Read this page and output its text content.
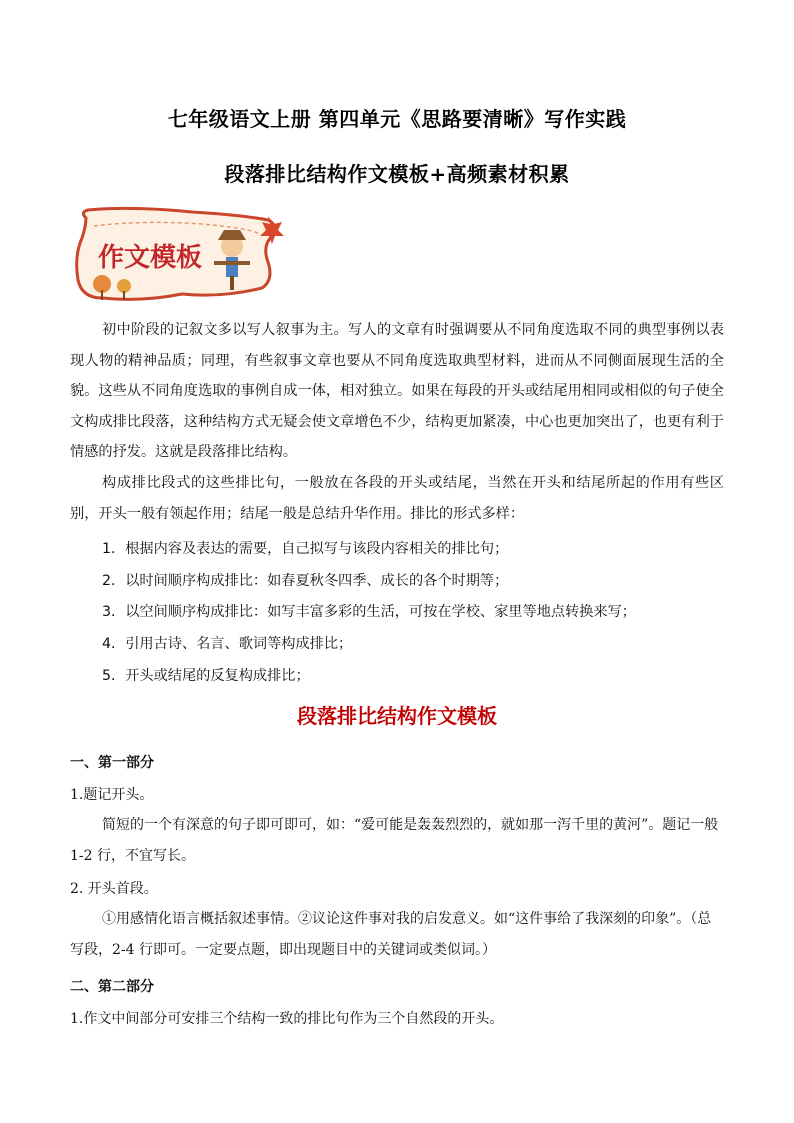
七年级语文上册 第四单元《思路要清晰》写作实践
段落排比结构作文模板+高频素材积累
作文模板

初中阶段的记叙文多以写人叙事为主。写人的文章有时强调要从不同角度选取不同的典型事例以表现人物的精神品质；同理，有些叙事文章也要从不同角度选取典型材料，进而从不同侧面展现生活的全貌。这些从不同角度选取的事例自成一体，相对独立。如果在每段的开头或结尾用相同或相似的句子使全文构成排比段落，这种结构方式无疑会使文章增色不少，结构更加紧凑，中心也更加突出了，也更有利于情感的抒发。这就是段落排比结构。

构成排比段式的这些排比句，一般放在各段的开头或结尾，当然在开头和结尾所起的作用有些区别，开头一般有领起作用；结尾一般是总结升华作用。排比的形式多样：

1．根据内容及表达的需要，自己拟写与该段内容相关的排比句；
2．以时间顺序构成排比：如春夏秋冬四季、成长的各个时期等；
3．以空间顺序构成排比：如写丰富多彩的生活，可按在学校、家里等地点转换来写；
4．引用古诗、名言、歌词等构成排比；
5．开头或结尾的反复构成排比；
段落排比结构作文模板
一、第一部分
1.题记开头。

简短的一个有深意的句子即可即可，如：“爱可能是轰轰烈烈的，就如那一泻千里的黄河”。题记一般 1-2 行，不宜写长。

2. 开头首段。

①用感情化语言概括叙述事情。②议论这件事对我的启发意义。如“这件事给了我深刻的印象”。（总写段，2-4 行即可。一定要点题，即出现题目中的关键词或类似词。）

二、第二部分
1.作文中间部分可安排三个结构一致的排比句作为三个自然段的开头。
